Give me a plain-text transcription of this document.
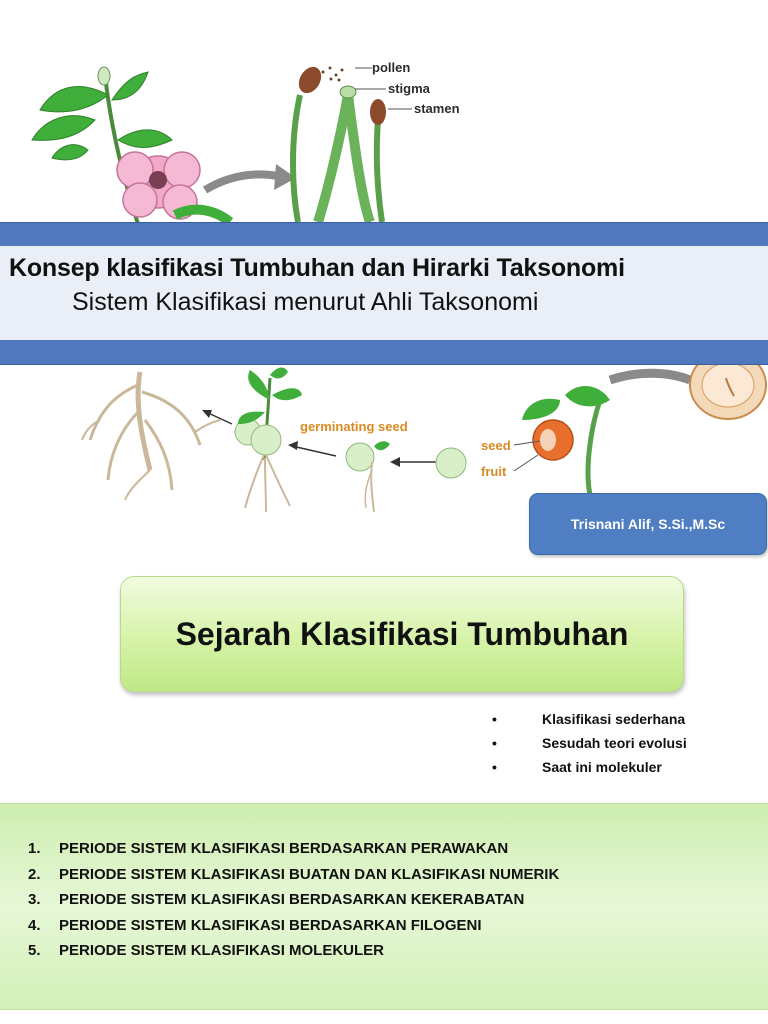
pollen
stigma
stamen
germinating seed
seed
fruit
Konsep klasifikasi Tumbuhan dan Hirarki Taksonomi
Sistem Klasifikasi menurut Ahli Taksonomi
Trisnani Alif, S.Si.,M.Sc
Sejarah Klasifikasi Tumbuhan
•	Klasifikasi sederhana
•	Sesudah teori evolusi
•	Saat ini molekuler
1. PERIODE SISTEM KLASIFIKASI BERDASARKAN PERAWAKAN
2. PERIODE SISTEM KLASIFIKASI BUATAN DAN KLASIFIKASI NUMERIK
3. PERIODE SISTEM KLASIFIKASI BERDASARKAN KEKERABATAN
4. PERIODE SISTEM KLASIFIKASI BERDASARKAN FILOGENI
5. PERIODE SISTEM KLASIFIKASI MOLEKULER
